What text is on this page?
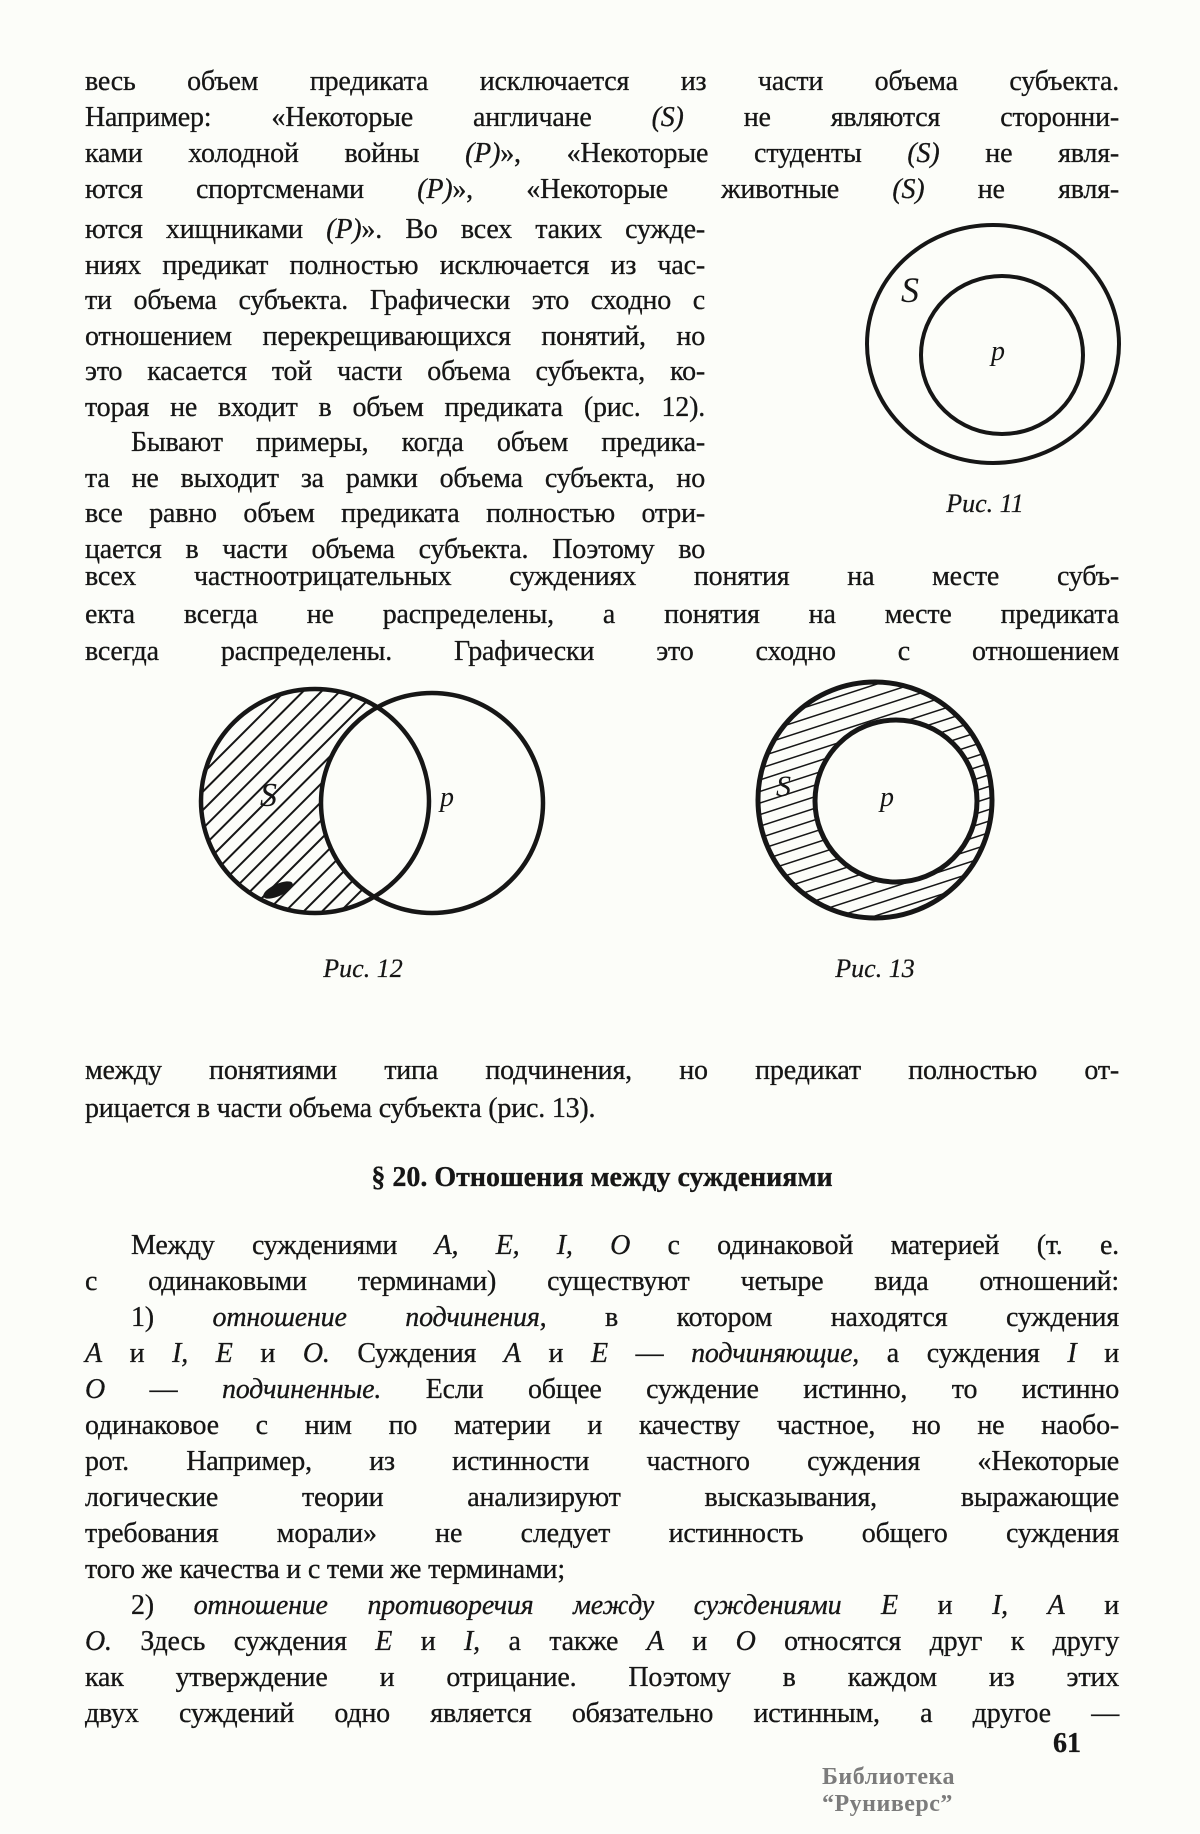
весь объем предиката исключается из части объема субъекта.
Например: «Некоторые англичане (S) не являются сторонни-
ками холодной войны (P)», «Некоторые студенты (S) не явля-
ются спортсменами (P)», «Некоторые животные (S) не явля-
ются хищниками (P)». Во всех таких сужде-
ниях предикат полностью исключается из час-
ти объема субъекта. Графически это сходно с
отношением перекрещивающихся понятий, но
это касается той части объема субъекта, ко-
торая не входит в объем предиката (рис. 12).
Бывают примеры, когда объем предика-
та не выходит за рамки объема субъекта, но
все равно объем предиката полностью отри-
цается в части объема субъекта. Поэтому во
S
p
Рис. 11
всех частноотрицательных суждениях понятия на месте субъ-
екта всегда не распределены, а понятия на месте предиката
всегда распределены. Графически это сходно с отношением
S	p
Рис. 12
S	p
Рис. 13
между понятиями типа подчинения, но предикат полностью от-
рицается в части объема субъекта (рис. 13).
§ 20. Отношения между суждениями
Между суждениями А, Е, I, О с одинаковой материей (т. е.
с одинаковыми терминами) существуют четыре вида отношений:
1) отношение подчинения, в котором находятся суждения
А и I, Е и О. Суждения А и Е — подчиняющие, а суждения I и
О — подчиненные. Если общее суждение истинно, то истинно
одинаковое с ним по материи и качеству частное, но не наобо-
рот. Например, из истинности частного суждения «Некоторые
логические теории анализируют высказывания, выражающие
требования морали» не следует истинность общего суждения
того же качества и с теми же терминами;
2) отношение противоречия между суждениями Е и I, А и
О. Здесь суждения Е и I, а также А и О относятся друг к другу
как утверждение и отрицание. Поэтому в каждом из этих
двух суждений одно является обязательно истинным, а другое —
61
Библиотека “Руниверс”
